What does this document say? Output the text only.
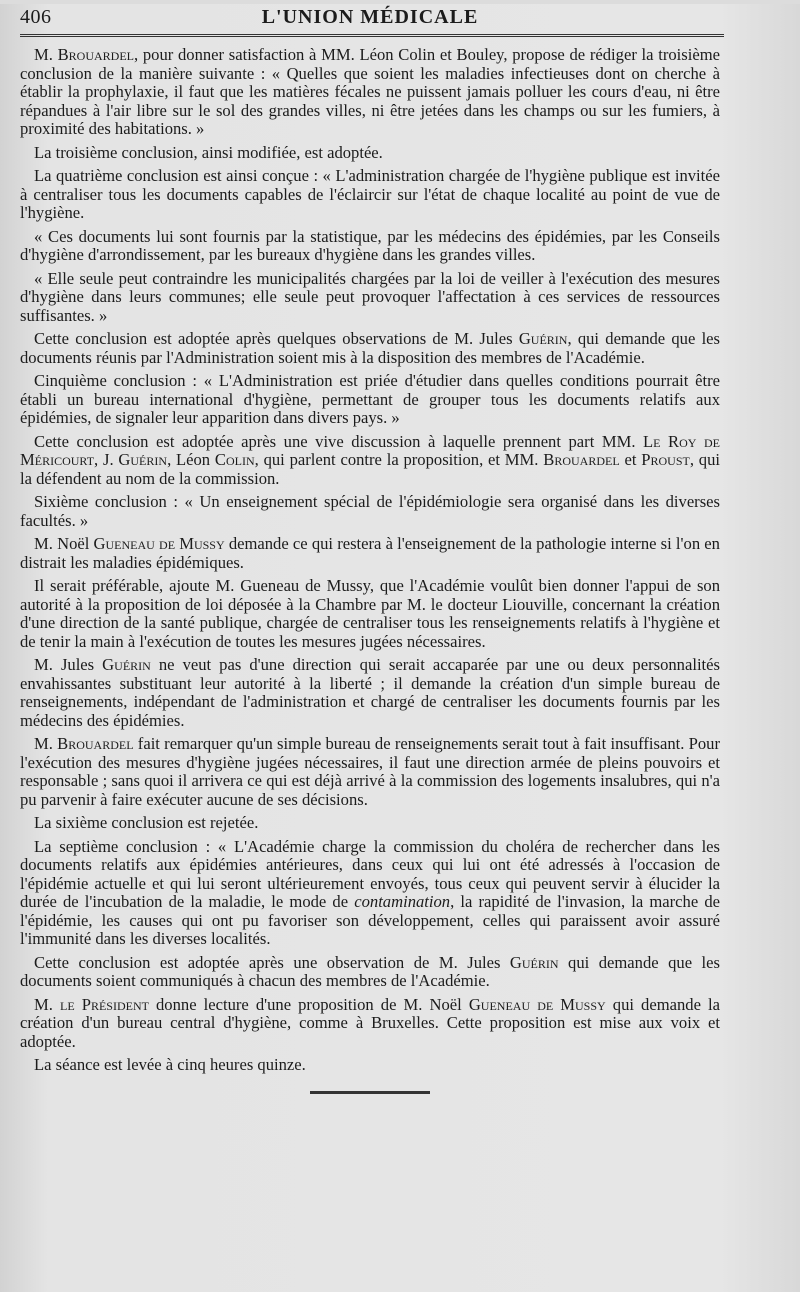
406	L'UNION MÉDICALE

M. Brouardel, pour donner satisfaction à MM. Léon Colin et Bouley, propose de rédiger la troisième conclusion de la manière suivante : « Quelles que soient les maladies infectieuses dont on cherche à établir la prophylaxie, il faut que les matières fécales ne puissent jamais polluer les cours d'eau, ni être répandues à l'air libre sur le sol des grandes villes, ni être jetées dans les champs ou sur les fumiers, à proximité des habitations. »

La troisième conclusion, ainsi modifiée, est adoptée.

La quatrième conclusion est ainsi conçue : « L'administration chargée de l'hygiène publique est invitée à centraliser tous les documents capables de l'éclaircir sur l'état de chaque localité au point de vue de l'hygiène.

« Ces documents lui sont fournis par la statistique, par les médecins des épidémies, par les Conseils d'hygiène d'arrondissement, par les bureaux d'hygiène dans les grandes villes.

« Elle seule peut contraindre les municipalités chargées par la loi de veiller à l'exécution des mesures d'hygiène dans leurs communes; elle seule peut provoquer l'affectation à ces services de ressources suffisantes. »

Cette conclusion est adoptée après quelques observations de M. Jules Guérin, qui demande que les documents réunis par l'Administration soient mis à la disposition des membres de l'Académie.

Cinquième conclusion : « L'Administration est priée d'étudier dans quelles conditions pourrait être établi un bureau international d'hygiène, permettant de grouper tous les documents relatifs aux épidémies, de signaler leur apparition dans divers pays. »

Cette conclusion est adoptée après une vive discussion à laquelle prennent part MM. Le Roy de Méricourt, J. Guérin, Léon Colin, qui parlent contre la proposition, et MM. Brouardel et Proust, qui la défendent au nom de la commission.

Sixième conclusion : « Un enseignement spécial de l'épidémiologie sera organisé dans les diverses facultés. »

M. Noël Gueneau de Mussy demande ce qui restera à l'enseignement de la pathologie interne si l'on en distrait les maladies épidémiques.

Il serait préférable, ajoute M. Gueneau de Mussy, que l'Académie voulût bien donner l'appui de son autorité à la proposition de loi déposée à la Chambre par M. le docteur Liouville, concernant la création d'une direction de la santé publique, chargée de centraliser tous les renseignements relatifs à l'hygiène et de tenir la main à l'exécution de toutes les mesures jugées nécessaires.

M. Jules Guérin ne veut pas d'une direction qui serait accaparée par une ou deux personnalités envahissantes substituant leur autorité à la liberté ; il demande la création d'un simple bureau de renseignements, indépendant de l'administration et chargé de centraliser les documents fournis par les médecins des épidémies.

M. Brouardel fait remarquer qu'un simple bureau de renseignements serait tout à fait insuffisant. Pour l'exécution des mesures d'hygiène jugées nécessaires, il faut une direction armée de pleins pouvoirs et responsable ; sans quoi il arrivera ce qui est déjà arrivé à la commission des logements insalubres, qui n'a pu parvenir à faire exécuter aucune de ses décisions.

La sixième conclusion est rejetée.

La septième conclusion : « L'Académie charge la commission du choléra de rechercher dans les documents relatifs aux épidémies antérieures, dans ceux qui lui ont été adressés à l'occasion de l'épidémie actuelle et qui lui seront ultérieurement envoyés, tous ceux qui peuvent servir à élucider la durée de l'incubation de la maladie, le mode de contamination, la rapidité de l'invasion, la marche de l'épidémie, les causes qui ont pu favoriser son développement, celles qui paraissent avoir assuré l'immunité dans les diverses localités.

Cette conclusion est adoptée après une observation de M. Jules Guérin qui demande que les documents soient communiqués à chacun des membres de l'Académie.

M. le Président donne lecture d'une proposition de M. Noël Gueneau de Mussy qui demande la création d'un bureau central d'hygiène, comme à Bruxelles. Cette proposition est mise aux voix et adoptée.

La séance est levée à cinq heures quinze.
